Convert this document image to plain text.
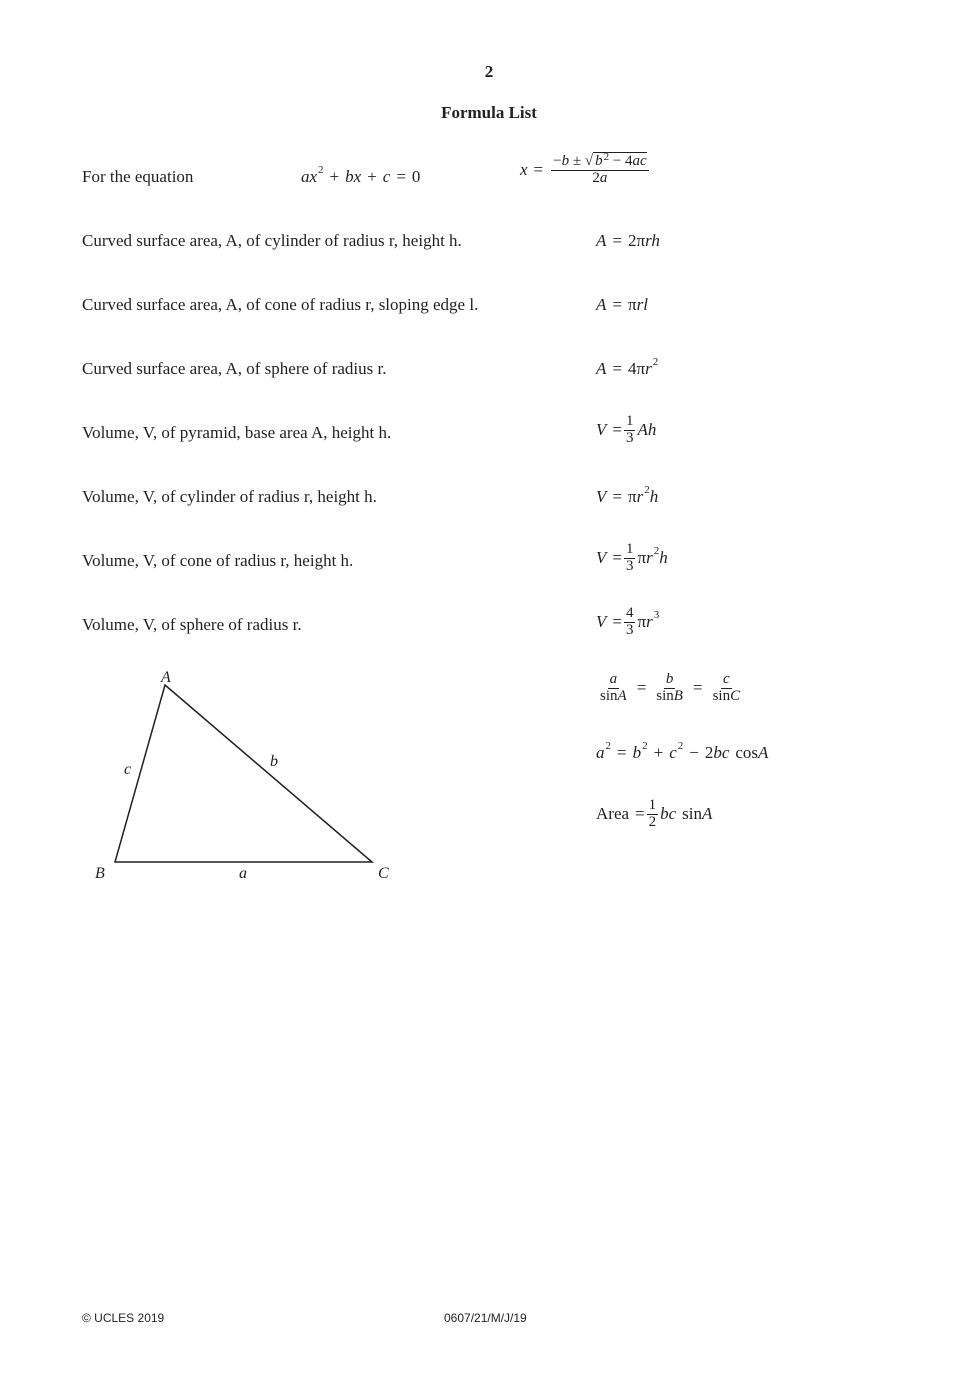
2
Formula List
For the equation	ax 2 + bx + c = 0	$x = \frac{-b \pm √ b^2 - 4ac}{2a}$
Curved surface area, A, of cylinder of radius r, height h.	A = 2π rh
Curved surface area, A, of cone of radius r, sloping edge l.	A = π rl
Curved surface area, A, of sphere of radius r.	A = 4π r 2
Volume, V, of pyramid, base area A, height h.	$V = \frac{1}{3}$ Ah
Volume, V, of cylinder of radius r, height h.	V = π r 2 h
Volume, V, of cone of radius r, height h.	$V = \frac{1}{3}$ π r 2 h
Volume, V, of sphere of radius r.	$V = \frac{4}{3}$ π r 3
A
B	C
a
b
c
$\frac{a}{\sin A} = \frac{b}{\sin B} = \frac{c}{\sin C}$
a 2 = b 2 + c 2 − 2 bc cos A
Area = $\frac{1}{2}$ bc sin A
© UCLES 2019	0607/21/M/J/19
